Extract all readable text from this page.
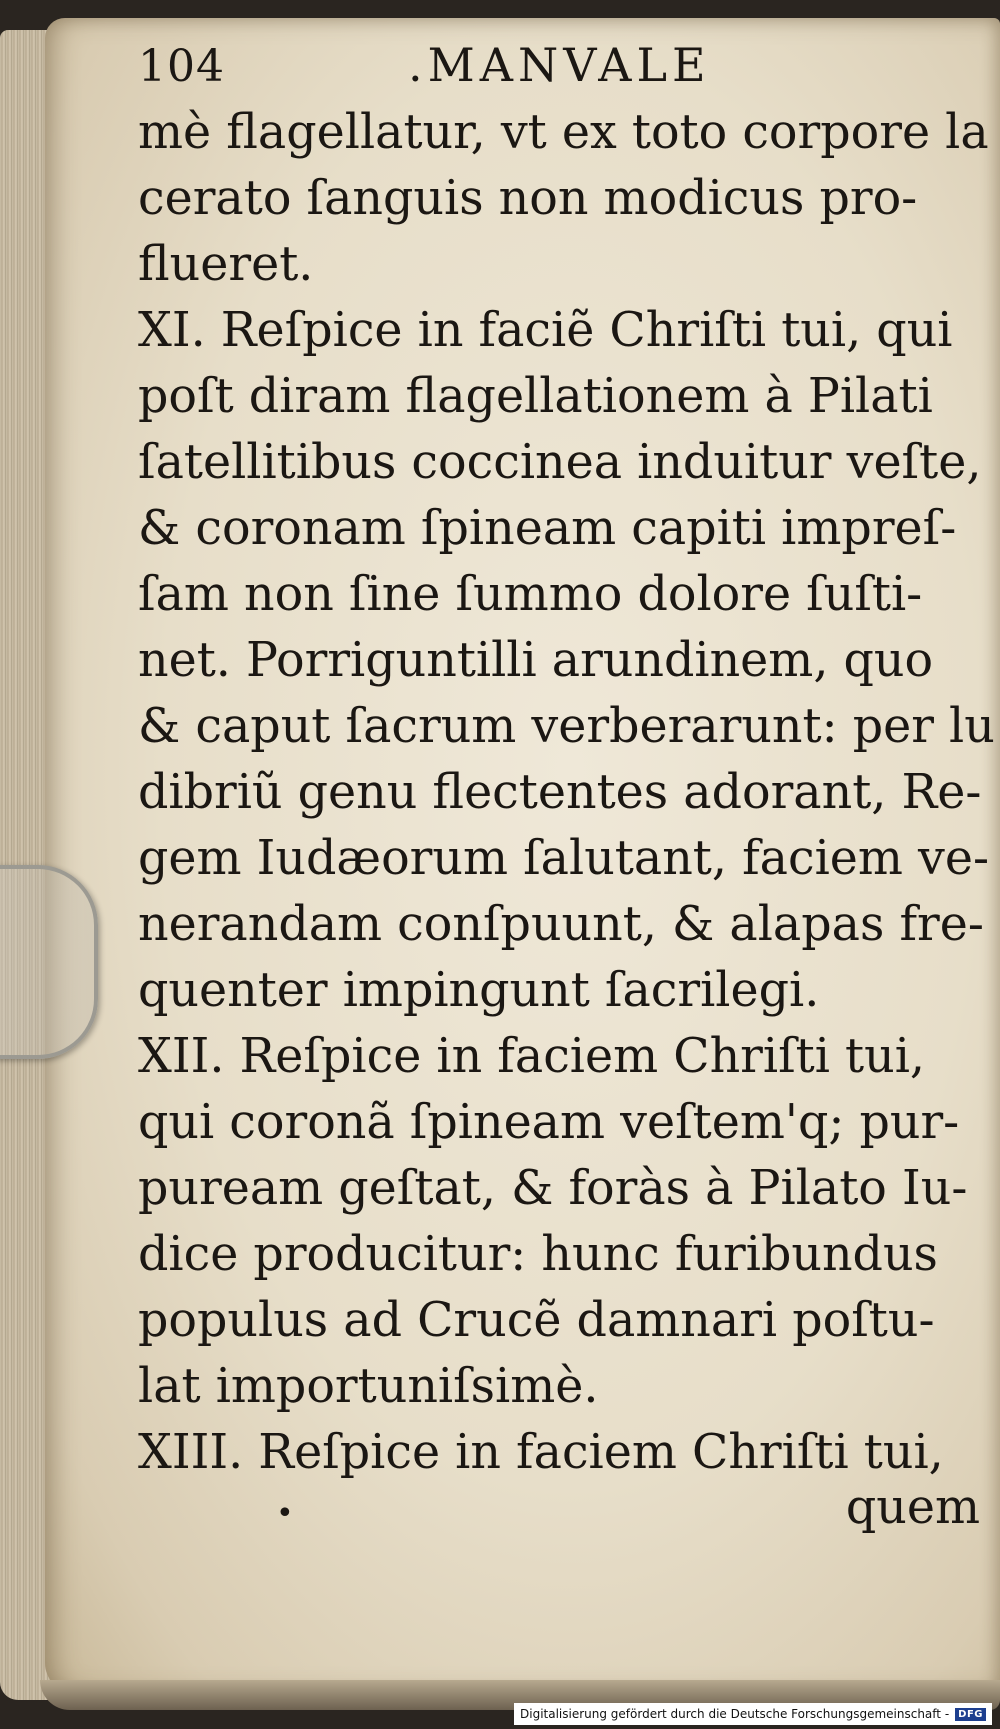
104	.MANVALE
mè flagellatur, vt ex toto corpore la
cerato ſanguis non modicus pro-
flueret.
XI. Reſpice in faciẽ Chriſti tui, qui
poſt diram flagellationem à Pilati
ſatellitibus coccinea induitur veſte,
& coronam ſpineam capiti impreſ-
ſam non ſine ſummo dolore ſuſti-
net. Porriguntilli arundinem, quo
& caput ſacrum verberarunt: per lu
dibriũ genu flectentes adorant, Re-
gem Iudæorum ſalutant, faciem ve-
nerandam conſpuunt, & alapas fre-
quenter impingunt ſacrilegi.
XII. Reſpice in faciem Chriſti tui,
qui coronã ſpineam veſtem'q; pur-
puream geſtat, & foràs à Pilato Iu-
dice producitur: hunc furibundus
populus ad Crucẽ damnari poſtu-
lat importuniſsimè.
XIII. Reſpice in faciem Chriſti tui,
•	quem
Digitalisierung gefördert durch die Deutsche Forschungsgemeinschaft - DFG
